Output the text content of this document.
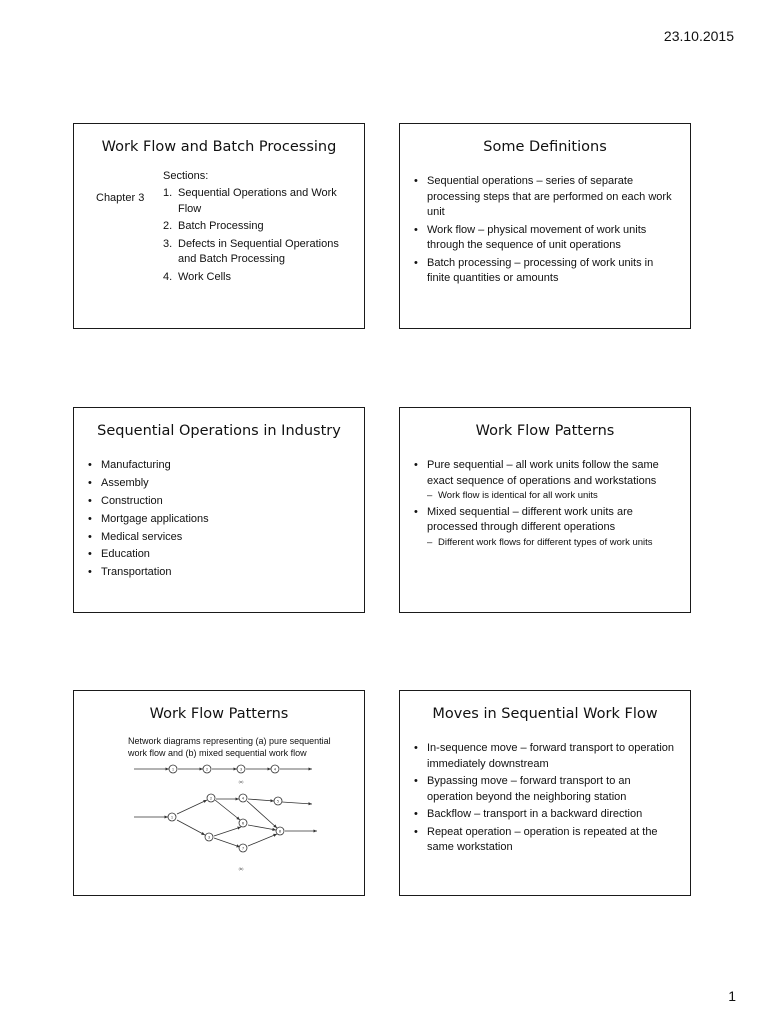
23.10.2015
Work Flow and Batch Processing
Chapter 3
Sections:
1. Sequential Operations and Work Flow
2. Batch Processing
3. Defects in Sequential Operations and Batch Processing
4. Work Cells
Some Definitions
• Sequential operations – series of separate processing steps that are performed on each work unit
• Work flow – physical movement of work units through the sequence of unit operations
• Batch processing – processing of work units in finite quantities or amounts
Sequential Operations in Industry
• Manufacturing
• Assembly
• Construction
• Mortgage applications
• Medical services
• Education
• Transportation
Work Flow Patterns
• Pure sequential – all work units follow the same exact sequence of operations and workstations
– Work flow is identical for all work units
• Mixed sequential – different work units are processed through different operations
– Different work flows for different types of work units
Work Flow Patterns
Network diagrams representing (a) pure sequential work flow and (b) mixed sequential work flow
1	2	3	4
1
2
3
4
5
6
7
8
(a)
(b)
Moves in Sequential Work Flow
• In-sequence move – forward transport to operation immediately downstream
• Bypassing move – forward transport to an operation beyond the neighboring station
• Backflow – transport in a backward direction
• Repeat operation – operation is repeated at the same workstation
1
